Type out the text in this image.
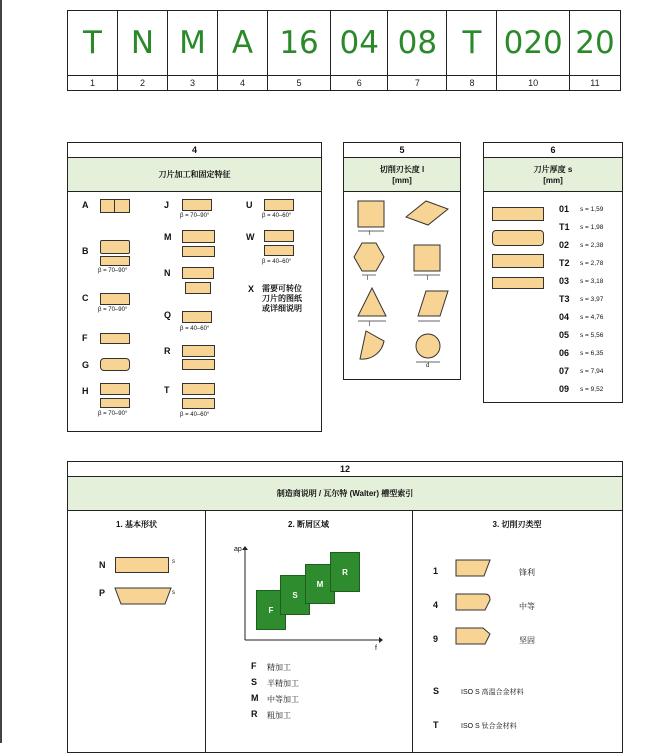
T	N	M	A	16	04	08	T	020	20
1	2	3	4	5	6	7	8	10	11
4
刀片加工和固定特征
A
B
β = 70–90°
C
β = 70–90°
F
G
H
β = 70–90°
J
β = 70–90°
M
N
Q
β = 40–60°
R
T
β = 40–60°
U
β = 40–60°
W
β = 40–60°
X 需要可转位
刀片的图纸
或详细说明
5
切削刃长度 l
[mm]
l
l
l
l
d
6
刀片厚度 s
[mm]
01 s = 1,59
T1 s = 1,98
02 s = 2,38
T2 s = 2,78
03 s = 3,18
T3 s = 3,97
04 s = 4,76
05 s = 5,56
06 s = 6,35
07 s = 7,94
09 s = 9,52
12
制造商说明 / 瓦尔特 (Walter) 槽型索引
1. 基本形状
N	s
P	s
2. 断屑区域
ap
f
F
S
M
R
F 精加工
S 半精加工
M 中等加工
R 粗加工
3. 切削刃类型
1	锋利
4	中等
9	坚固
S	ISO S 高温合金材料
T	ISO S 钛合金材料
